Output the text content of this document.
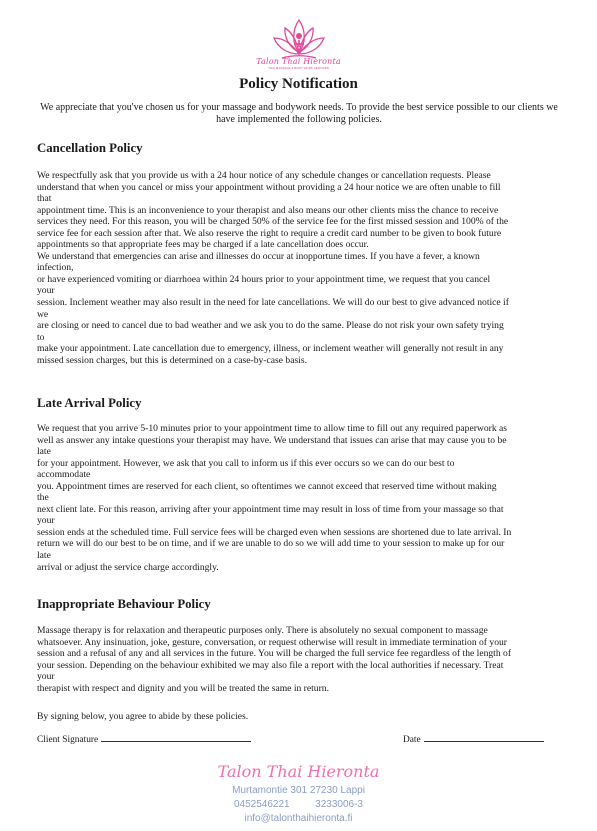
Talon Thai Hieronta
THAI MASSAGE & BODY WORK SERVICES
Policy Notification

We appreciate that you've chosen us for your massage and bodywork needs. To provide the best service possible to our clients we have implemented the following policies.

Cancellation Policy
We respectfully ask that you provide us with a 24 hour notice of any schedule changes or cancellation requests. Please
understand that when you cancel or miss your appointment without providing a 24 hour notice we are often unable to fill
that
appointment time. This is an inconvenience to your therapist and also means our other clients miss the chance to receive
services they need. For this reason, you will be charged 50% of the service fee for the first missed session and 100% of the
service fee for each session after that. We also reserve the right to require a credit card number to be given to book future
appointments so that appropriate fees may be charged if a late cancellation does occur.
We understand that emergencies can arise and illnesses do occur at inopportune times. If you have a fever, a known
infection,
or have experienced vomiting or diarrhoea within 24 hours prior to your appointment time, we request that you cancel
your
session. Inclement weather may also result in the need for late cancellations. We will do our best to give advanced notice if
we
are closing or need to cancel due to bad weather and we ask you to do the same. Please do not risk your own safety trying
to
make your appointment. Late cancellation due to emergency, illness, or inclement weather will generally not result in any
missed session charges, but this is determined on a case-by-case basis.
Late Arrival Policy
We request that you arrive 5-10 minutes prior to your appointment time to allow time to fill out any required paperwork as
well as answer any intake questions your therapist may have. We understand that issues can arise that may cause you to be
late
for your appointment. However, we ask that you call to inform us if this ever occurs so we can do our best to
accommodate
you. Appointment times are reserved for each client, so oftentimes we cannot exceed that reserved time without making
the
next client late. For this reason, arriving after your appointment time may result in loss of time from your massage so that
your
session ends at the scheduled time. Full service fees will be charged even when sessions are shortened due to late arrival. In
return we will do our best to be on time, and if we are unable to do so we will add time to your session to make up for our
late
arrival or adjust the service charge accordingly.
Inappropriate Behaviour Policy
Massage therapy is for relaxation and therapeutic purposes only. There is absolutely no sexual component to massage
whatsoever. Any insinuation, joke, gesture, conversation, or request otherwise will result in immediate termination of your
session and a refusal of any and all services in the future. You will be charged the full service fee regardless of the length of
your session. Depending on the behaviour exhibited we may also file a report with the local authorities if necessary. Treat
your
therapist with respect and dignity and you will be treated the same in return.

By signing below, you agree to abide by these policies.

Client Signature	Date
Talon Thai Hieronta
Murtamontie 301 27230 Lappi
0452546221	3233006-3
info@talonthaihieronta.fi
